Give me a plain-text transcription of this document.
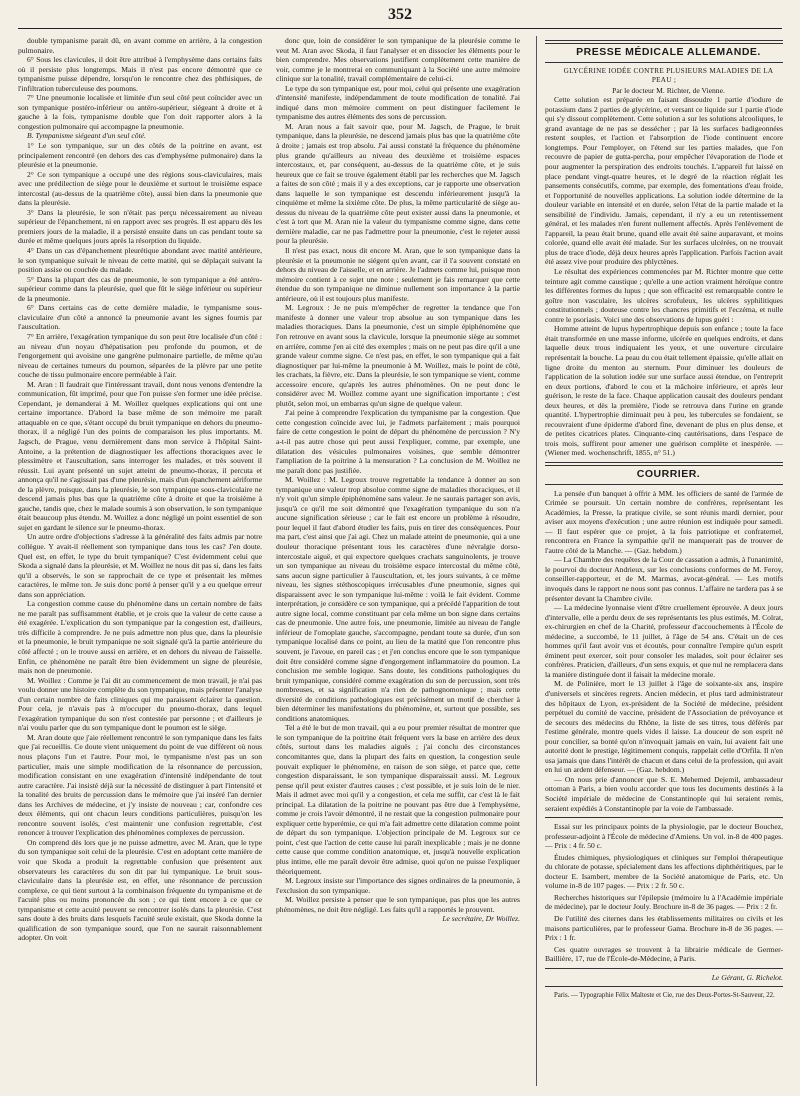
352

double tympanisme parait dû, en avant comme en arrière, à la congestion pulmonaire.

6° Sous les clavicules, il doit être attribué à l'emphysème dans certains faits où il persiste plus longtemps. Mais il n'est pas encore démontré que ce tympanisme puisse dépendre, lorsqu'on le rencontre chez des phthisiques, de l'infiltration tuberculeuse des poumons.

7° Une pneumonie localisée et limitée d'un seul côté peut coïncider avec un son tympanique postéro-inférieur ou antéro-supérieur, siégeant à droite et à gauche à la fois, tympanisme double que l'on doit rapporter alors à la congestion pulmonaire qui accompagne la pneumonie.

B. Tympanisme siégeant d'un seul côté.

1° Le son tympanique, sur un des côtés de la poitrine en avant, est principalement rencontré (en dehors des cas d'emphysème pulmonaire) dans la pleurésie et la pneumonie.

2° Ce son tympanique a occupé une des régions sous-claviculaires, mais avec une prédilection de siège pour le deuxième et surtout le troisième espace intercostal (au-dessus de la quatrième côte), aussi bien dans la pneumonie que dans la pleurésie.

3° Dans la pleurésie, le son n'était pas perçu nécessairement au niveau supérieur de l'épanchement, ni en rapport avec ses progrès. Il est apparu dès les premiers jours de la maladie, il a persisté ensuite dans un cas pendant toute sa durée et même quelques jours après la résorption du liquide.

4° Dans un cas d'épanchement pleurétique abondant avec matité antérieure, le son tympanique suivait le niveau de cette matité, qui se déplaçait suivant la position assise ou couchée du malade.

5° Dans la plupart des cas de pneumonie, le son tympanique a été antéro-supérieur comme dans la pleurésie, quel que fût le siège inférieur ou supérieur de la pneumonie.

6° Dans certains cas de cette dernière maladie, le tympanisme sous-claviculaire d'un côté a annoncé la pneumonie avant les signes fournis par l'auscultation.

7° En arrière, l'exagération tympanique du son peut être localisée d'un côté : au niveau d'un noyau d'hépatisation peu profonde du poumon, et de l'engorgement qui avoisine une gangrène pulmonaire partielle, de même qu'au niveau de certaines tumeurs du poumon, séparées de la plèvre par une petite couche de tissu pulmonaire encore perméable à l'air.

M. Aran : Il faudrait que l'intéressant travail, dont nous venons d'entendre la communication, fût imprimé, pour que l'on puisse s'en former une idée précise. Cependant, je demanderai à M. Woillez quelques explications qui ont une certaine importance. D'abord la base même de son mémoire me paraît attaquable en ce que, s'étant occupé du bruit tympanique en dehors du pneumo-thorax, il a négligé l'un des points de comparaison les plus importants. M. Jagsch, de Prague, venu dernièrement dans mon service à l'hôpital Saint-Antoine, a la prétention de diagnostiquer les affections thoraciques avec le plessimètre et l'auscultation, sans interroger les malades, et très souvent il réussit. Lui ayant présenté un sujet atteint de pneumo-thorax, il percuta et annonça qu'il ne s'agissait pas d'une pleurésie, mais d'un épanchement aériforme de la plèvre, puisque, dans la pleurésie, le son tympanique sous-claviculaire ne descend jamais plus bas que la quatrième côte à droite et que la troisième à gauche, tandis que, chez le malade soumis à son observation, le son tympanique était beaucoup plus étendu. M. Woillez a donc négligé un point essentiel de son sujet en gardant le silence sur le pneumo-thorax.

Un autre ordre d'objections s'adresse à la généralité des faits admis par notre collègue. Y avait-il réellement son tympanique dans tous les cas? J'en doute. Quel est, en effet, le type du bruit tympanique? C'est évidemment celui que Skoda a signalé dans la pleurésie, et M. Woillez ne nous dit pas si, dans les faits qu'il a observés, le son se rapprochait de ce type et présentait les mêmes caractères, le même ton. Je suis donc porté à penser qu'il y a eu quelque erreur dans son appréciation.

La congestion comme cause du phénomène dans un certain nombre de faits ne me paraît pas suffisamment établie, et je crois que la valeur de cette cause a été exagérée. L'explication du son tympanique par la congestion est, d'ailleurs, très difficile à comprendre. Je ne puis admettre non plus que, dans la pleurésie et la pneumonie, le bruit tympanique ne soit signalé qu'à la partie antérieure du côté affecté ; on le trouve aussi en arrière, et en dehors du niveau de l'aisselle. Enfin, ce phénomène ne paraît être bien évidemment un signe de pleurésie, mais non de pneumonie.

M. Woillez : Comme je l'ai dit au commencement de mon travail, je n'ai pas voulu donner une histoire complète du son tympanique, mais présenter l'analyse d'un certain nombre de faits cliniques qui me paraissent éclairer la question. Pour cela, je n'avais pas à m'occuper du pneumo-thorax, dans lequel l'exagération tympanique du son n'est contestée par personne ; et d'ailleurs je n'ai voulu parler que du son tympanique dont le poumon est le siège.

M. Aran doute que j'aie réellement rencontré le son tympanique dans les faits que j'ai recueillis. Ce doute vient uniquement du point de vue différent où nous nous plaçons l'un et l'autre. Pour moi, le tympanisme n'est pas un son particulier, mais une simple modification de la résonnance de percussion, modification consistant en une exagération d'intensité indépendante de tout autre caractère. J'ai insisté déjà sur la nécessité de distinguer à part l'intensité et la tonalité des bruits de percussion dans le mémoire que j'ai inséré l'an dernier dans les Archives de médecine, et j'y insiste de nouveau ; car, confondre ces deux éléments, qui ont chacun leurs conditions particulières, puisqu'on les rencontre souvent isolés, c'est maintenir une confusion regrettable, c'est renoncer à trouver l'explication des phénomènes complexes de percussion.

On comprend dès lors que je ne puisse admettre, avec M. Aran, que le type du son tympanique soit celui de la pleurésie. C'est en adoptant cette manière de voir que Skoda a produit la regrettable confusion que présentent aux observateurs les caractères du son dit par lui tympanique. Le bruit sous-claviculaire dans la pleurésie est, en effet, une résonnance de percussion complexe, ce qui tient surtout à la combinaison fréquente du tympanisme et de l'acuité plus ou moins prononcée du son ; ce qui tient encore à ce que ce tympanisme et cette acuité peuvent se rencontrer isolés dans la pleurésie. C'est sans doute à des bruits dans lesquels l'acuité seule existait, que Skoda donne la qualification de son tympanique sourd, que l'on ne saurait raisonnablement adopter. On voit

donc que, loin de considérer le son tympanique de la pleurésie comme le veut M. Aran avec Skoda, il faut l'analyser et en dissocier les éléments pour le bien comprendre. Mes observations justifient complètement cette manière de voir, comme je le montrerai en communiquant à la Société une autre mémoire clinique sur la tonalité, travail complémentaire de celui-ci.

Le type du son tympanique est, pour moi, celui qui présente une exagération d'intensité manifeste, indépendamment de toute modification de tonalité. J'ai indiqué dans mon mémoire comment on peut distinguer facilement le tympanisme des autres éléments des sons de percussion.

M. Aran nous a fait savoir que, pour M. Jagsch, de Prague, le bruit tympanique, dans la pleurésie, ne descend jamais plus bas que la quatrième côte à droite ; jamais est trop absolu. J'ai aussi constaté la fréquence du phénomène plus grande qu'ailleurs au niveau des deuxième et troisième espaces intercostaux, et, par conséquent, au-dessus de la quatrième côte, et je suis heureux que ce fait se trouve également établi par les recherches que M. Jagsch a faites de son côté ; mais il y a des exceptions, car je rapporte une observation dans laquelle le son tympanique est descendu inférieurement jusqu'à la cinquième et même la sixième côte. De plus, la même particularité de siège au-dessus du niveau de la quatrième côte peut exister aussi dans la pneumonie, et c'est à tort que M. Aran nie la valeur du tympanisme comme signe, dans cette dernière maladie, car ne pas l'admettre pour la pneumonie, c'est le rejeter aussi pour la pleurésie.

Il n'est pas exact, nous dit encore M. Aran, que le son tympanique dans la pleurésie et la pneumonie ne siégent qu'en avant, car il l'a souvent constaté en dehors du niveau de l'aisselle, et en arrière. Je l'admets comme lui, puisque mon mémoire contient à ce sujet une note ; seulement je fais remarquer que cette étendue du son tympanique ne diminue nullement son importance à la partie antérieure, où il est toujours plus manifeste.

M. Legroux : Je ne puis m'empêcher de regretter la tendance que l'on manifeste à donner une valeur trop absolue au son tympanique dans les maladies thoraciques. Dans la pneumonie, c'est un simple épiphénomène que l'on retrouve en avant sous la clavicule, lorsque la pneumonie siège au sommet en arrière, comme j'en ai cité des exemples ; mais on ne peut pas dire qu'il a une grande valeur comme signe. Ce n'est pas, en effet, le son tympanique qui a fait diagnostiquer par lui-même la pneumonie à M. Woillez, mais le point de côté, les crachats, la fièvre, etc. Dans la pleurésie, le son tympanique se vient, comme accessoire encore, qu'après les autres phénomènes. On ne peut donc le considérer avec M. Woillez comme ayant une signification importante ; c'est plutôt, selon moi, un embarras qu'un signe de quelque valeur.

J'ai peine à comprendre l'explication du tympanisme par la congestion. Que cette congestion coïncide avec lui, je l'admets parfaitement ; mais pourquoi faire de cette congestion le point de départ du phénomène de percussion ? N'y a-t-il pas autre chose qui peut aussi l'expliquer, comme, par exemple, une dilatation des vésicules pulmonaires voisines, que semble démontrer l'ampliation de la poitrine à la mensuration ? La conclusion de M. Woillez ne me paraît donc pas justifiée.

M. Woillez : M. Legroux trouve regrettable la tendance à donner au son tympanique une valeur trop absolue comme signe de maladies thoraciques, et il n'y voit qu'un simple épiphénomène sans valeur. Je ne saurais partager son avis, jusqu'à ce qu'il me soit démontré que l'exagération tympanique du son n'a aucune signification sérieuse ; car le fait est encore un problème à résoudre, pour lequel il faut d'abord étudier les faits, puis en tirer des conséquences. Pour ma part, c'est ainsi que j'ai agi. Chez un malade atteint de pneumonie, qui a une douleur thoracique présentant tous les caractères d'une névralgie dorso-intercostale aiguë, et qui expectore quelques crachats sanguinolents, je trouve un son tympanique au niveau du troisième espace intercostal du même côté, sans aucun signe particulier à l'auscultation, et, les jours suivants, à ce même niveau, les signes stéthoscopiques irrécusables d'une pneumonie, signes qui disparaissent avec le son tympanique lui-même : voilà le fait évident. Comme interprétation, je considère ce son tympanique, qui a précédé l'apparition de tout autre signe local, comme constituant par cela même un bon signe dans certains cas de pneumonie. Une autre fois, une pneumonie, limitée au niveau de l'angle inférieur de l'omoplate gauche, s'accompagne, pendant toute sa durée, d'un son tympanique localisé dans ce point, au lieu de la matité que l'on rencontre plus souvent, je l'avoue, en pareil cas ; et j'en conclus encore que le son tympanique doit être considéré comme signe d'engorgement inflammatoire du poumon. La conclusion me semble logique. Sans doute, les conditions pathologiques du bruit tympanique, considéré comme exagération du son de percussion, sont très nombreuses, et sa signification n'a rien de pathognomonique ; mais cette diversité de conditions pathologiques est précisément un motif de chercher à bien déterminer les manifestations du phénomène, et, surtout que possible, ses conditions anatomiques.

Tel a été le but de mon travail, qui a eu pour premier résultat de montrer que le son tympanique de la poitrine était fréquent vers la base en arrière des deux côtés, surtout dans les maladies aiguës ; j'ai conclu des circonstances concomitantes que, dans la plupart des faits en question, la congestion seule pouvait expliquer le phénomène, en raison de son siège, et parce que, cette congestion disparaissant, le son tympanique disparaissait aussi. M. Legroux pense qu'il peut exister d'autres causes ; c'est possible, et je suis loin de le nier. Mais il admet avec moi qu'il y a congestion, et cela me suffit, car c'est là le fait principal. La dilatation de la poitrine ne pouvant pas être due à l'emphysème, comme je crois l'avoir démontré, il ne restait que la congestion pulmonaire pour expliquer cette hyperémie, ce qui m'a fait admettre cette dilatation comme point de départ du son tympanique. L'objection principale de M. Legroux sur ce point, c'est que l'action de cette cause lui paraît inexplicable ; mais je ne donne cette cause que comme condition anatomique, et, jusqu'à nouvelle explication plus intime, elle me paraît devoir être admise, quoi qu'on ne puisse l'expliquer théoriquement.

M. Legroux insiste sur l'importance des signes ordinaires de la pneumonie, à l'exclusion du son tympanique.

M. Woillez persiste à penser que le son tympanique, pas plus que les autres phénomènes, ne doit être négligé. Les faits qu'il a rapportés le prouvent.

Le secrétaire, Dr Woillez.

PRESSE MÉDICALE ALLEMANDE.

GLYCÉRINE IODÉE CONTRE PLUSIEURS MALADIES DE LA PEAU ;

Par le docteur M. Richter, de Vienne.

Cette solution est préparée en faisant dissoudre 1 partie d'iodure de potassium dans 2 parties de glycérine, et versant ce liquide sur 1 partie d'iode qui s'y dissout complètement. Cette solution a sur les solutions alcooliques, le grand avantage de ne pas se dessécher ; par là les surfaces badigeonnées restent souples, et l'action et l'absorption de l'iode continuent encore longtemps. Pour l'employer, on l'étend sur les parties malades, que l'on recouvre de papier de gutta-percha, pour empêcher l'évaporation de l'iode et pour augmenter la perspiration des endroits touchés. L'appareil fut laissé en place pendant vingt-quatre heures, et le degré de la réaction réglait les pansements consécutifs, comme, par exemple, des fomentations d'eau froide, et l'opportunité de nouvelles applications. La solution iodée détermine de la douleur variable en intensité et en durée, selon l'état de la partie malade et la sensibilité de l'individu. Jamais, cependant, il n'y a eu un retentissement général, et les malades n'en furent nullement affectés. Après l'enlèvement de l'appareil, la peau était brune, quand elle avait été saine auparavant, et moins colorée, quand elle avait été malade. Sur les surfaces ulcérées, on ne trouvait plus de trace d'iode, déjà deux heures après l'application. Parfois l'action avait été assez vive pour produire des phlyctènes.

Le résultat des expériences commencées par M. Richter montre que cette teinture agit comme caustique ; qu'elle a une action vraiment héroïque contre les différentes formes du lupus ; que son efficacité est remarquable contre le goître non vasculaire, les ulcères scrofuleux, les ulcères syphilitiques constitutionnels ; douteuse contre les chancres primitifs et l'eczéma, et nulle contre le psoriasis. Voici une des observations de lupus guéri :

Homme atteint de lupus hypertrophique depuis son enfance ; toute la face était transformée en une masse informe, ulcérée en quelques endroits, et dans laquelle deux trous indiquaient les yeux, et une ouverture circulaire représentait la bouche. La peau du cou était tellement épaissie, qu'elle allait en ligne droite du menton au sternum. Pour diminuer les douleurs de l'application de la solution iodée sur une surface aussi étendue, on l'entreprit en deux portions, d'abord le cou et la mâchoire inférieure, et après leur guérison, le reste de la face. Chaque application causait des douleurs pendant deux heures, et dès la première, l'iode se retrouva dans l'urine en grande quantité. L'hypertrophie diminuait peu à peu, les tubercules se fondaient, se recouvraient d'une épiderme d'abord fine, devenant de plus en plus dense, et de petites cicatrices plates. Cinquante-cinq cautérisations, dans l'espace de trois mois, suffirent pour amener une guérison complète et inespérée. — (Wiener med. wochenschrift, 1855, n° 51.)

COURRIER.

La pensée d'un banquet à offrir à MM. les officiers de santé de l'armée de Crimée se poursuit. Un certain nombre de confrères, représentant les Académies, la Presse, la pratique civile, se sont réunis mardi dernier, pour aviser aux moyens d'exécution ; une autre réunion est indiquée pour samedi. — Il faut espérer que ce projet, à la fois patriotique et confraternel, rencontrera en France la sympathie qu'il ne manquerait pas de trouver de l'autre côté de la Manche. — (Gaz. hebdom.)

— La Chambre des requêtes de la Cour de cassation a admis, à l'unanimité, le pourvoi du docteur Andrieux, sur les conclusions conformes de M. Feroy, conseiller-rapporteur, et de M. Marmas, avocat-général. — Les motifs invoqués dans le rapport ne nous sont pas connus. L'affaire ne tardera pas à se présenter devant la Chambre civile.

— La médecine lyonnaise vient d'être cruellement éprouvée. A deux jours d'intervalle, elle a perdu deux de ses représentants les plus estimés, M. Colrat, ex-chirurgien en chef de la Charité, professeur d'accouchements à l'École de médecine, a succombé, le 11 juillet, à l'âge de 54 ans. C'était un de ces hommes qu'il faut avoir vus et écoutés, pour connaître l'empire qu'un esprit éminent peut exercer, soit pour consoler les malades, soit pour éclairer ses confrères. Praticien, d'ailleurs, d'un sens exquis, et que nul ne remplacera dans la manière distinguée dont il faisait la médecine morale.

M. de Polinière, mort le 13 juillet à l'âge de soixante-six ans, inspire d'universels et sincères regrets. Ancien médecin, et plus tard administrateur des hôpitaux de Lyon, ex-président de la Société de médecine, président perpétuel du comité de vaccine, président de l'Association de prévoyance et de secours des médecins du Rhône, la liste de ses titres, tous déférés par l'estime générale, montre quels vides il laisse. La douceur de son esprit né pour concilier, sa bonté qu'on n'invoquait jamais en vain, lui avaient fait une autorité dont le prestige, légitimement conquis, rappelait celle d'Orfila. Il n'en usa jamais que dans l'intérêt de chacun et dans celui de la profession, qui avait en lui un ardent défenseur. — (Gaz. hebdom.)

— On nous prie d'annoncer que S. E. Mehemed Dejemil, ambassadeur ottoman à Paris, a bien voulu accorder que tous les documents destinés à la Société impériale de médecine de Constantinople qui lui seraient remis, seraient expédiés à Constantinople par la voie de l'ambassade.

Essai sur les principaux points de la physiologie, par le docteur Bouchez, professeur-adjoint à l'École de médecine d'Amiens. Un vol. in-8 de 400 pages. — Prix : 4 fr. 50 c.

Études chimiques, physiologiques et cliniques sur l'emploi thérapeutique du chlorate de potasse, spécialement dans les affections diphthéritiques, par le docteur E. Isambert, membre de la Société anatomique de Paris, etc. Un volume in-8 de 107 pages. — Prix : 2 fr. 50 c.

Recherches historiques sur l'épilepsie (mémoire lu à l'Académie impériale de médecine), par le docteur Jouly. Brochure in-8 de 36 pages. — Prix : 2 fr.

De l'utilité des citernes dans les établissements militaires ou civils et les maisons particulières, par le professeur Gama. Brochure in-8 de 36 pages. — Prix : 1 fr.

Ces quatre ouvrages se trouvent à la librairie médicale de Germer-Baillière, 17, rue de l'École-de-Médecine, à Paris.

Le Gérant, G. Richelot.

Paris. — Typographie Félix Malteste et Cie, rue des Deux-Portes-St-Sauveur, 22.
